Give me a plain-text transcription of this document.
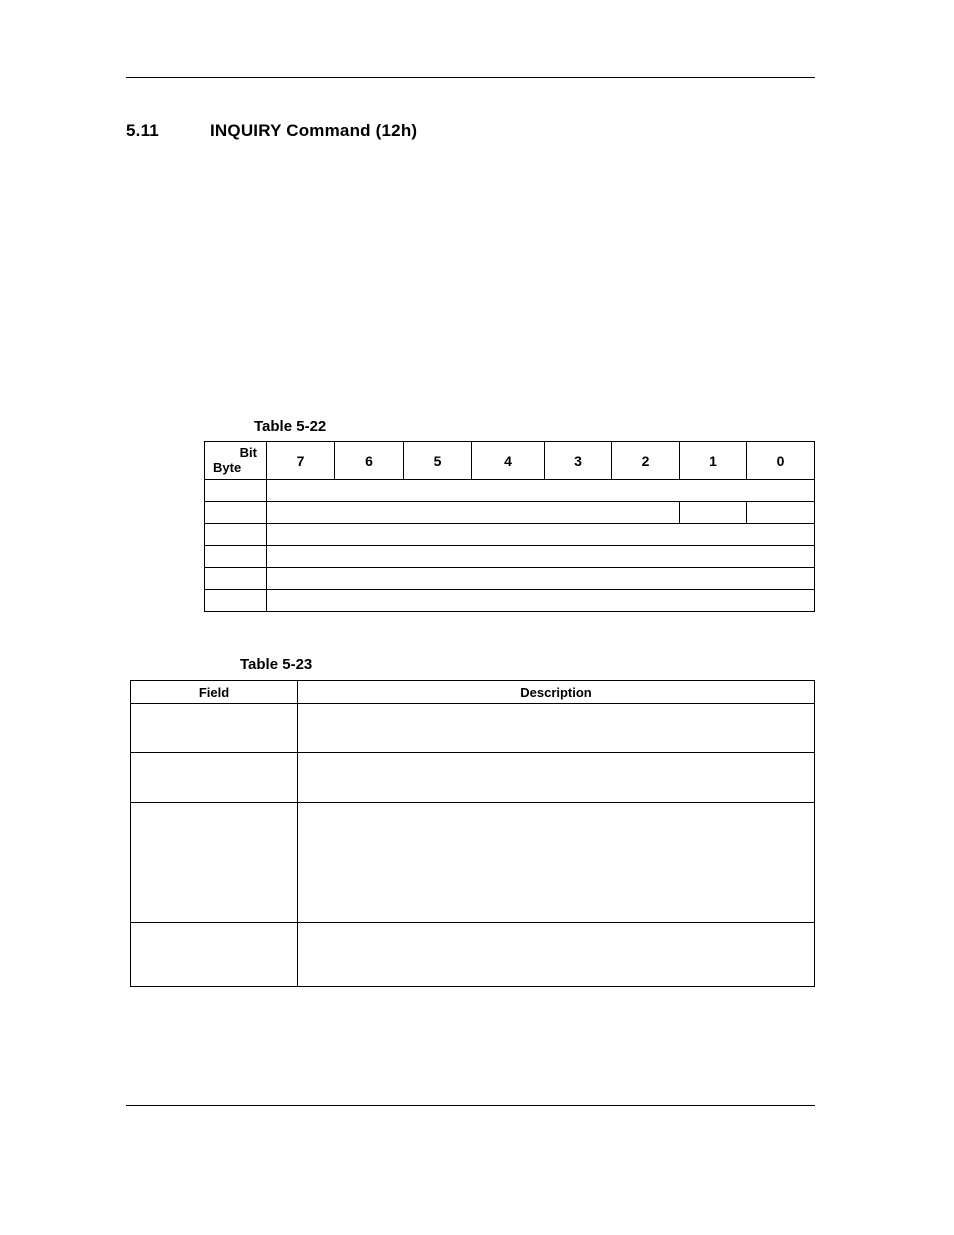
5.11	INQUIRY Command (12h)
Table 5-22
Bit
Byte	7	6	5	4	3	2	1	0

Table 5-23
Field	Description
